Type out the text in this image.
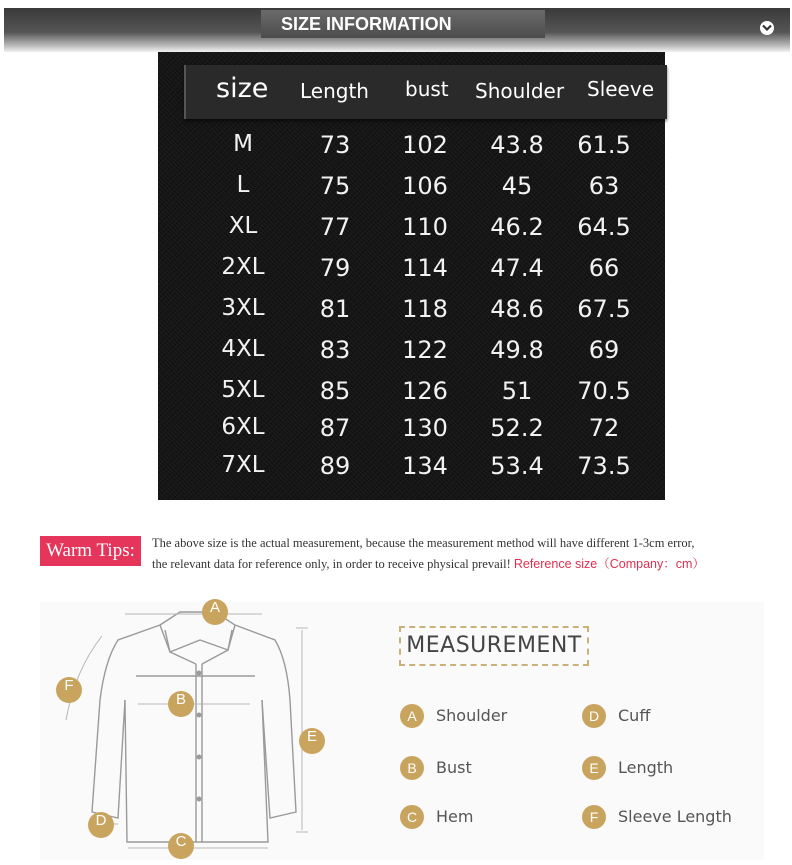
SIZE INFORMATION
size Length bust Shoulder Sleeve
M	73	102	43.8	61.5
L	75	106	45	63
XL	77	110	46.2	64.5
2XL	79	114	47.4	66
3XL	81	118	48.6	67.5
4XL	83	122	49.8	69
5XL	85	126	51	70.5
6XL	87	130	52.2	72
7XL	89	134	53.4	73.5
Warm Tips:	The above size is the actual measurement, because the measurement method will have different 1-3cm error,
the relevant data for reference only, in order to receive physical prevail! Reference size（Company：cm）
A
B
C
D
E
F
MEASUREMENT
A	Shoulder
B	Bust
C	Hem
D	Cuff
E	Length
F	Sleeve Length
